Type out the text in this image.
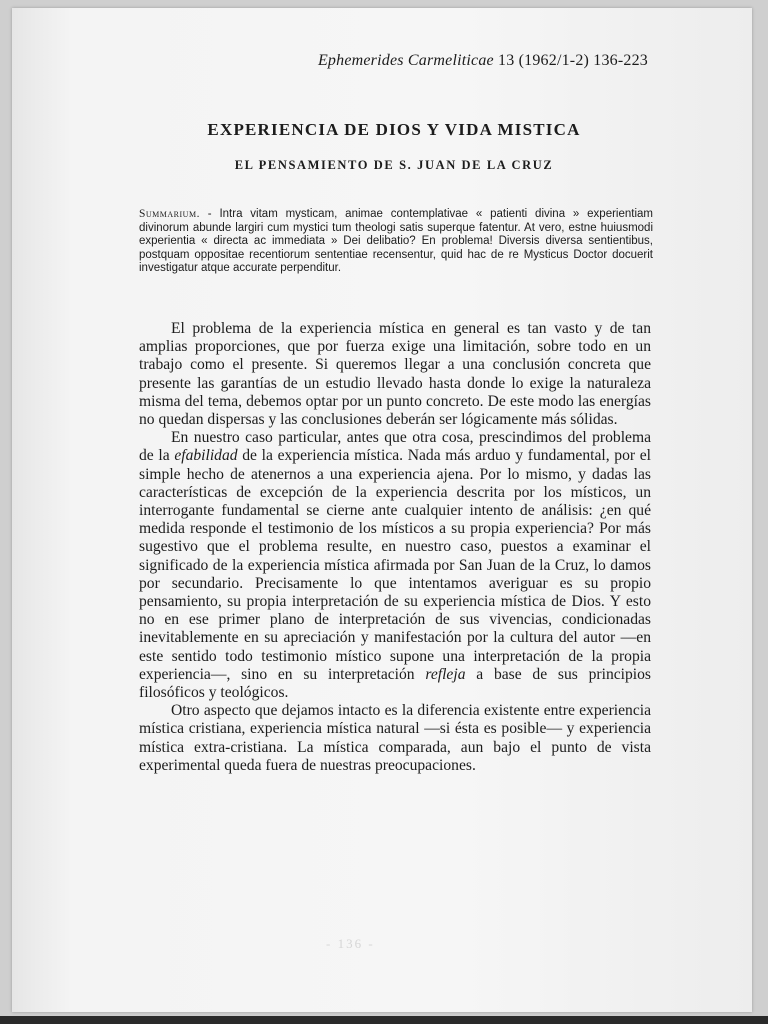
Ephemerides Carmeliticae 13 (1962/1-2) 136-223
EXPERIENCIA DE DIOS Y VIDA MISTICA
EL PENSAMIENTO DE S. JUAN DE LA CRUZ
Summarium. - Intra vitam mysticam, animae contemplativae « patienti divina » experientiam divinorum abunde largiri cum mystici tum theologi satis superque fatentur. At vero, estne huiusmodi experientia « directa ac immediata » Dei delibatio? En problema! Diversis diversa sentientibus, postquam oppositae recentiorum sententiae recensentur, quid hac de re Mysticus Doctor docuerit investigatur atque accurate perpenditur.

El problema de la experiencia mística en general es tan vasto y de tan amplias proporciones, que por fuerza exige una limitación, sobre todo en un trabajo como el presente. Si queremos llegar a una conclusión concreta que presente las garantías de un estudio llevado hasta donde lo exige la naturaleza misma del tema, debemos optar por un punto concreto. De este modo las energías no quedan dispersas y las conclusiones deberán ser lógicamente más sólidas.

En nuestro caso particular, antes que otra cosa, prescindimos del problema de la efabilidad de la experiencia mística. Nada más arduo y fundamental, por el simple hecho de atenernos a una experiencia ajena. Por lo mismo, y dadas las características de excepción de la experiencia descrita por los místicos, un interrogante fundamental se cierne ante cualquier intento de análisis: ¿en qué medida responde el testimonio de los místicos a su propia experiencia? Por más sugestivo que el problema resulte, en nuestro caso, puestos a examinar el significado de la experiencia mística afirmada por San Juan de la Cruz, lo damos por secundario. Precisamente lo que intentamos averiguar es su propio pensamiento, su propia interpretación de su experiencia mística de Dios. Y esto no en ese primer plano de interpretación de sus vivencias, condicionadas inevitablemente en su apreciación y manifestación por la cultura del autor —en este sentido todo testimonio místico supone una interpretación de la propia experiencia—, sino en su interpretación refleja a base de sus principios filosóficos y teológicos.

Otro aspecto que dejamos intacto es la diferencia existente entre experiencia mística cristiana, experiencia mística natural —si ésta es posible— y experiencia mística extra-cristiana. La mística comparada, aun bajo el punto de vista experimental queda fuera de nuestras preocupaciones.

- 136 -
